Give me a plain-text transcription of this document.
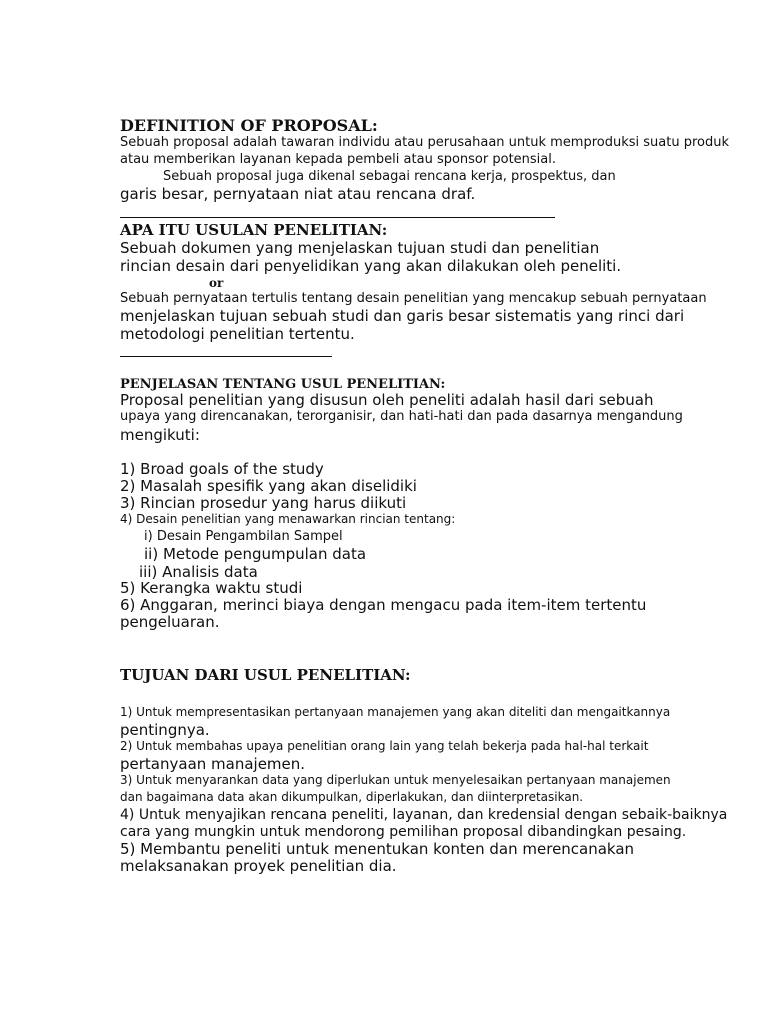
DEFINITION OF PROPOSAL:
Sebuah proposal adalah tawaran individu atau perusahaan untuk memproduksi suatu produk
atau memberikan layanan kepada pembeli atau sponsor potensial.
Sebuah proposal juga dikenal sebagai rencana kerja, prospektus, dan
garis besar, pernyataan niat atau rencana draf.
APA ITU USULAN PENELITIAN:
Sebuah dokumen yang menjelaskan tujuan studi dan penelitian
rincian desain dari penyelidikan yang akan dilakukan oleh peneliti.
or
Sebuah pernyataan tertulis tentang desain penelitian yang mencakup sebuah pernyataan
menjelaskan tujuan sebuah studi dan garis besar sistematis yang rinci dari
metodologi penelitian tertentu.
PENJELASAN TENTANG USUL PENELITIAN:
Proposal penelitian yang disusun oleh peneliti adalah hasil dari sebuah
upaya yang direncanakan, terorganisir, dan hati-hati dan pada dasarnya mengandung
mengikuti:
1) Broad goals of the study
2) Masalah spesifik yang akan diselidiki
3) Rincian prosedur yang harus diikuti
4) Desain penelitian yang menawarkan rincian tentang:
i) Desain Pengambilan Sampel
ii) Metode pengumpulan data
iii) Analisis data
5) Kerangka waktu studi
6) Anggaran, merinci biaya dengan mengacu pada item-item tertentu
pengeluaran.
TUJUAN DARI USUL PENELITIAN:
1) Untuk mempresentasikan pertanyaan manajemen yang akan diteliti dan mengaitkannya
pentingnya.
2) Untuk membahas upaya penelitian orang lain yang telah bekerja pada hal-hal terkait
pertanyaan manajemen.
3) Untuk menyarankan data yang diperlukan untuk menyelesaikan pertanyaan manajemen
dan bagaimana data akan dikumpulkan, diperlakukan, dan diinterpretasikan.
4) Untuk menyajikan rencana peneliti, layanan, dan kredensial dengan sebaik-baiknya
cara yang mungkin untuk mendorong pemilihan proposal dibandingkan pesaing.
5) Membantu peneliti untuk menentukan konten dan merencanakan
melaksanakan proyek penelitian dia.
